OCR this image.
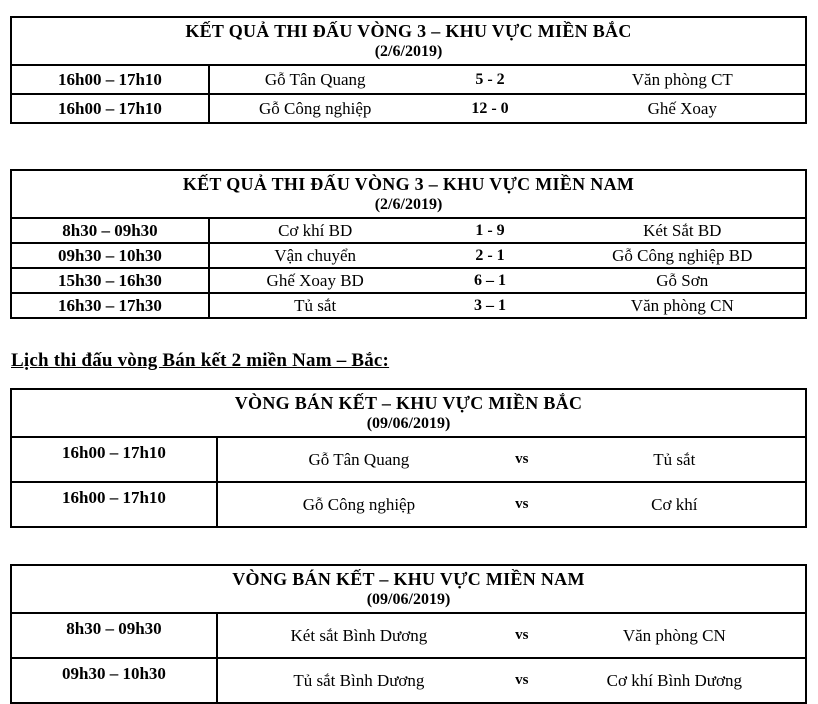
KẾT QUẢ THI ĐẤU VÒNG 3 – KHU VỰC MIỀN BẮC
(2/6/2019)			

16h00 – 17h10	Gỗ Tân Quang	5 - 2	Văn phòng CT
16h00 – 17h10	Gỗ Công nghiệp	12 - 0	Ghế Xoay
KẾT QUẢ THI ĐẤU VÒNG 3 – KHU VỰC MIỀN NAM
(2/6/2019)			

8h30 – 09h30	Cơ khí BD	1 - 9	Két Sắt BD
09h30 – 10h30	Vận chuyển	2 - 1	Gỗ Công nghiệp BD
15h30 – 16h30	Ghế Xoay BD	6 – 1	Gỗ Sơn
16h30 – 17h30	Tủ sắt	3 – 1	Văn phòng CN
Lịch thi đấu vòng Bán kết 2 miền Nam – Bắc:
VÒNG BÁN KẾT – KHU VỰC MIỀN BẮC
(09/06/2019)			

16h00 – 17h10	Gỗ Tân Quang	vs	Tủ sắt
16h00 – 17h10	Gỗ Công nghiệp	vs	Cơ khí
VÒNG BÁN KẾT – KHU VỰC MIỀN NAM
(09/06/2019)			

8h30 – 09h30	Két sắt Bình Dương	vs	Văn phòng CN
09h30 – 10h30	Tủ sắt Bình Dương	vs	Cơ khí Bình Dương
